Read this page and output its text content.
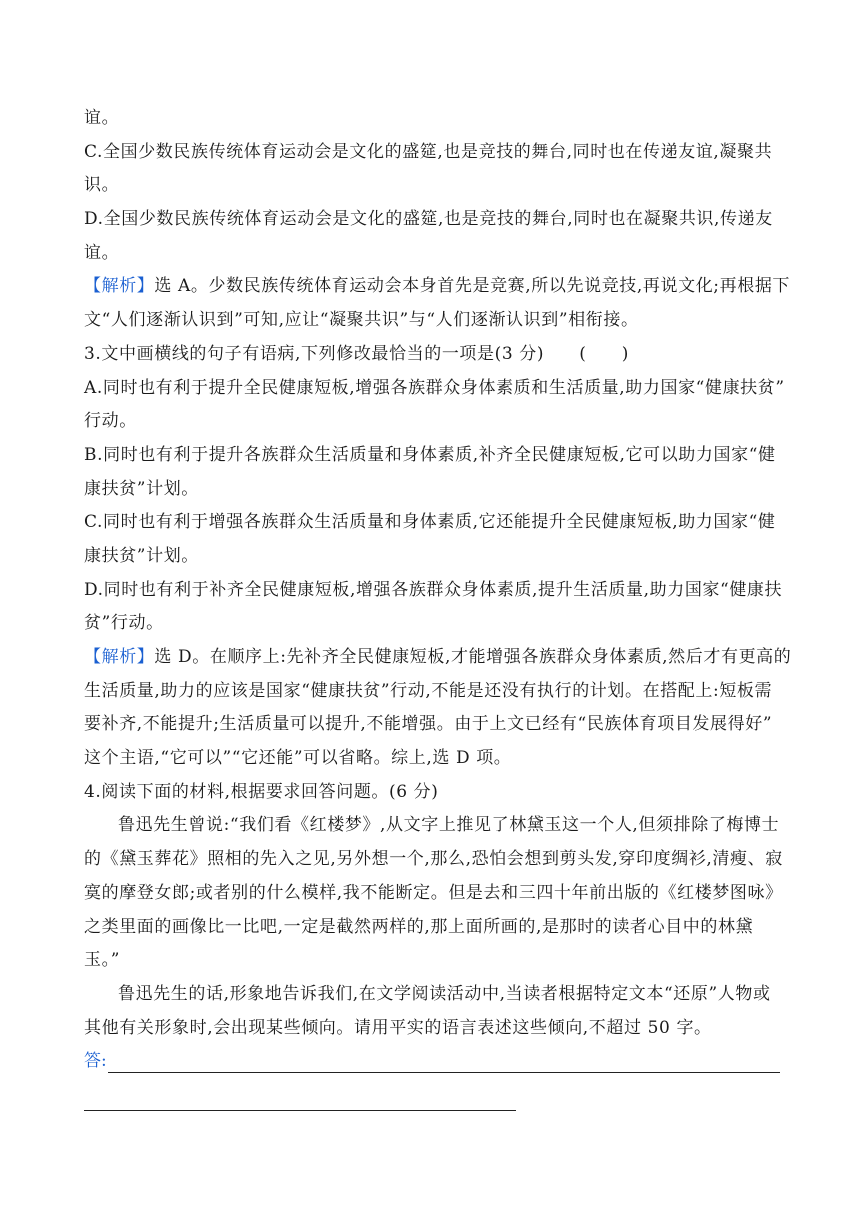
谊。
C.全国少数民族传统体育运动会是文化的盛筵,也是竞技的舞台,同时也在传递友谊,凝聚共
识。
D.全国少数民族传统体育运动会是文化的盛筵,也是竞技的舞台,同时也在凝聚共识,传递友
谊。
【解析】选 A。少数民族传统体育运动会本身首先是竞赛,所以先说竞技,再说文化;再根据下
文“人们逐渐认识到”可知,应让“凝聚共识”与“人们逐渐认识到”相衔接。
3.文中画横线的句子有语病,下列修改最恰当的一项是(3 分)　　(　　)
A.同时也有利于提升全民健康短板,增强各族群众身体素质和生活质量,助力国家“健康扶贫”
行动。
B.同时也有利于提升各族群众生活质量和身体素质,补齐全民健康短板,它可以助力国家“健
康扶贫”计划。
C.同时也有利于增强各族群众生活质量和身体素质,它还能提升全民健康短板,助力国家“健
康扶贫”计划。
D.同时也有利于补齐全民健康短板,增强各族群众身体素质,提升生活质量,助力国家“健康扶
贫”行动。
【解析】选 D。在顺序上:先补齐全民健康短板,才能增强各族群众身体素质,然后才有更高的
生活质量,助力的应该是国家“健康扶贫”行动,不能是还没有执行的计划。在搭配上:短板需
要补齐,不能提升;生活质量可以提升,不能增强。由于上文已经有“民族体育项目发展得好”
这个主语,“它可以”“它还能”可以省略。综上,选 D 项。
4.阅读下面的材料,根据要求回答问题。(6 分)
鲁迅先生曾说:“我们看《红楼梦》,从文字上推见了林黛玉这一个人,但须排除了梅博士
的《黛玉葬花》照相的先入之见,另外想一个,那么,恐怕会想到剪头发,穿印度绸衫,清瘦、寂
寞的摩登女郎;或者别的什么模样,我不能断定。但是去和三四十年前出版的《红楼梦图咏》
之类里面的画像比一比吧,一定是截然两样的,那上面所画的,是那时的读者心目中的林黛
玉。”
鲁迅先生的话,形象地告诉我们,在文学阅读活动中,当读者根据特定文本“还原”人物或
其他有关形象时,会出现某些倾向。请用平实的语言表述这些倾向,不超过 50 字。
答:
